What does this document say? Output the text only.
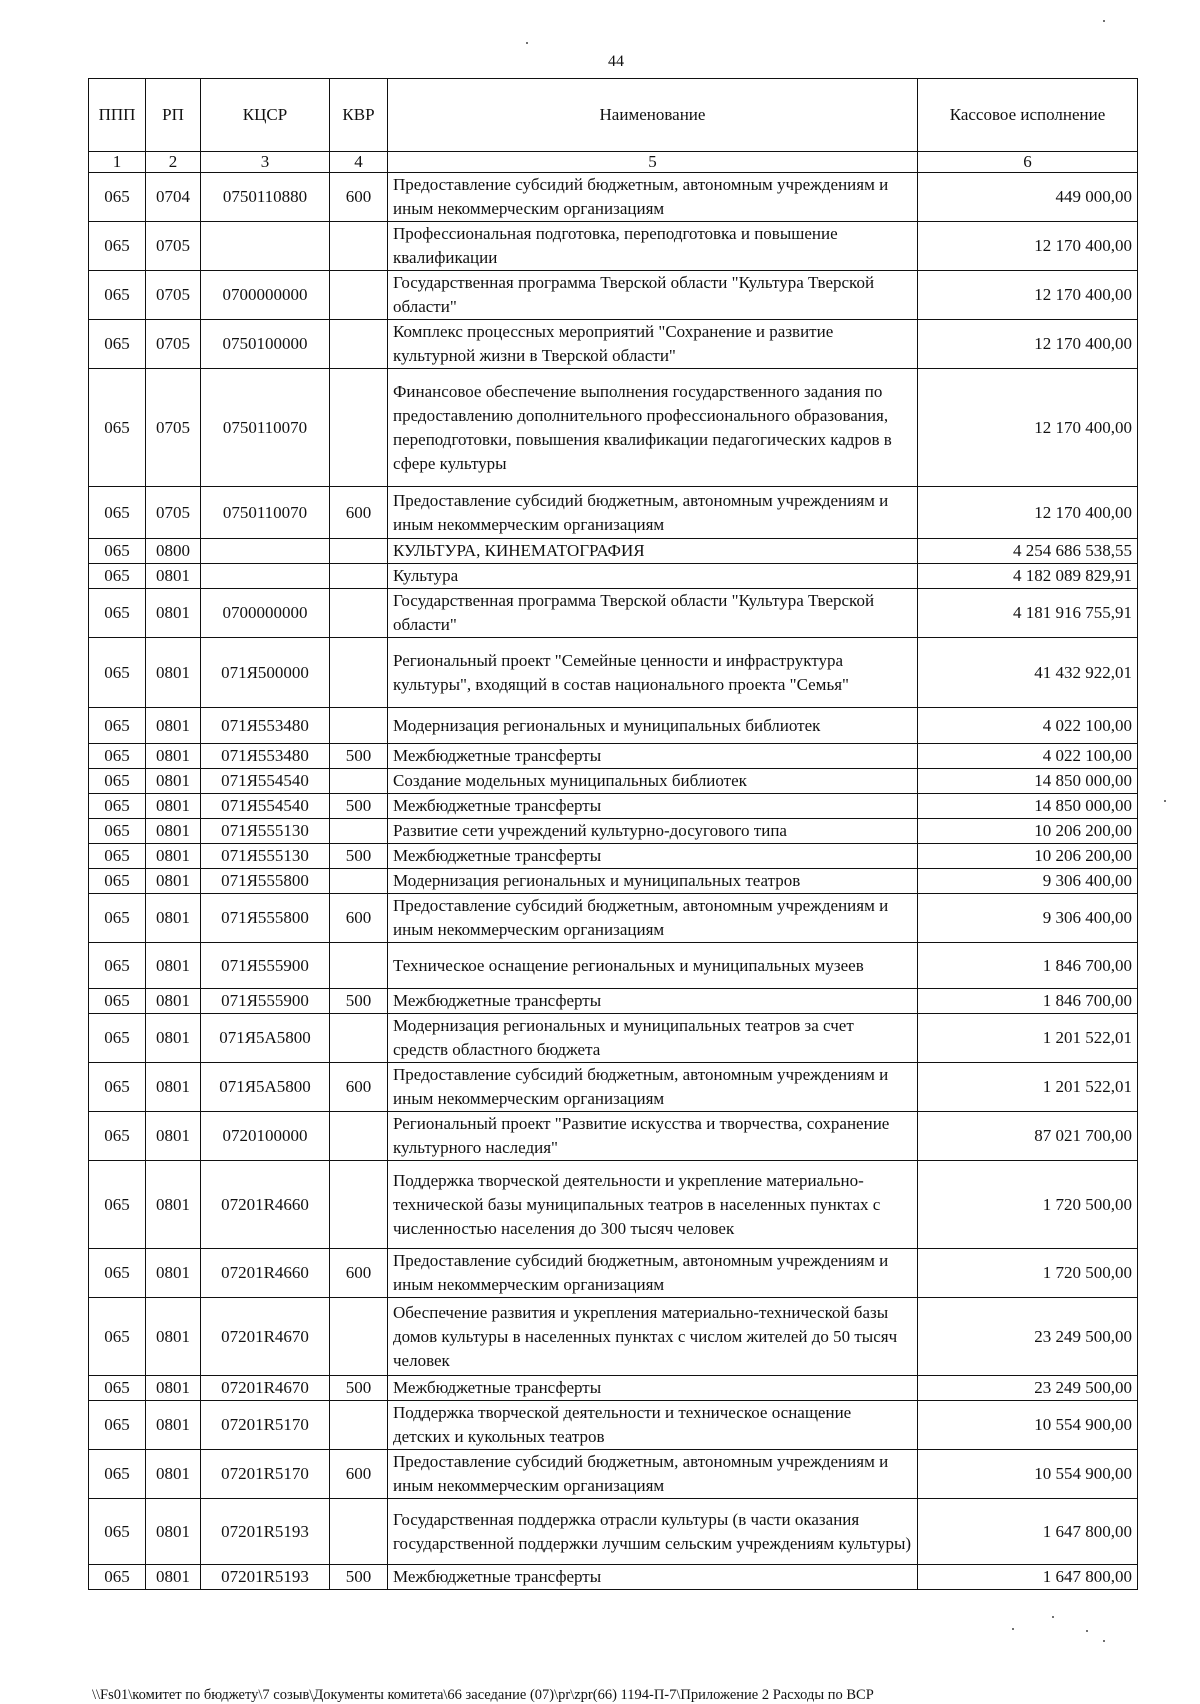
44
ППП	РП	КЦСР	КВР	Наименование	Кассовое исполнение
1	2	3	4	5	6
065	0704	0750110880	600	Предоставление субсидий бюджетным, автономным учреждениям и иным некоммерческим организациям	449 000,00
065	0705			Профессиональная подготовка, переподготовка и повышение квалификации	12 170 400,00
065	0705	0700000000		Государственная программа Тверской области "Культура Тверской области"	12 170 400,00
065	0705	0750100000		Комплекс процессных мероприятий "Сохранение и развитие культурной жизни в Тверской области"	12 170 400,00
065	0705	0750110070		Финансовое обеспечение выполнения государственного задания по предоставлению дополнительного профессионального образования, переподготовки, повышения квалификации педагогических кадров в сфере культуры	12 170 400,00
065	0705	0750110070	600	Предоставление субсидий бюджетным, автономным учреждениям и иным некоммерческим организациям	12 170 400,00
065	0800			КУЛЬТУРА, КИНЕМАТОГРАФИЯ	4 254 686 538,55
065	0801			Культура	4 182 089 829,91
065	0801	0700000000		Государственная программа Тверской области "Культура Тверской области"	4 181 916 755,91
065	0801	071Я500000		Региональный проект "Семейные ценности и инфраструктура культуры", входящий в состав национального проекта "Семья"	41 432 922,01
065	0801	071Я553480		Модернизация региональных и муниципальных библиотек	4 022 100,00
065	0801	071Я553480	500	Межбюджетные трансферты	4 022 100,00
065	0801	071Я554540		Создание модельных муниципальных библиотек	14 850 000,00
065	0801	071Я554540	500	Межбюджетные трансферты	14 850 000,00
065	0801	071Я555130		Развитие сети учреждений культурно-досугового типа	10 206 200,00
065	0801	071Я555130	500	Межбюджетные трансферты	10 206 200,00
065	0801	071Я555800		Модернизация региональных и муниципальных театров	9 306 400,00
065	0801	071Я555800	600	Предоставление субсидий бюджетным, автономным учреждениям и иным некоммерческим организациям	9 306 400,00
065	0801	071Я555900		Техническое оснащение региональных и муниципальных музеев	1 846 700,00
065	0801	071Я555900	500	Межбюджетные трансферты	1 846 700,00
065	0801	071Я5А5800		Модернизация региональных и муниципальных театров за счет средств областного бюджета	1 201 522,01
065	0801	071Я5А5800	600	Предоставление субсидий бюджетным, автономным учреждениям и иным некоммерческим организациям	1 201 522,01
065	0801	0720100000		Региональный проект "Развитие искусства и творчества, сохранение культурного наследия"	87 021 700,00
065	0801	07201R4660		Поддержка творческой деятельности и укрепление материально-технической базы муниципальных театров в населенных пунктах с численностью населения до 300 тысяч человек	1 720 500,00
065	0801	07201R4660	600	Предоставление субсидий бюджетным, автономным учреждениям и иным некоммерческим организациям	1 720 500,00
065	0801	07201R4670		Обеспечение развития и укрепления материально-технической базы домов культуры в населенных пунктах с числом жителей до 50 тысяч человек	23 249 500,00
065	0801	07201R4670	500	Межбюджетные трансферты	23 249 500,00
065	0801	07201R5170		Поддержка творческой деятельности и техническое оснащение детских и кукольных театров	10 554 900,00
065	0801	07201R5170	600	Предоставление субсидий бюджетным, автономным учреждениям и иным некоммерческим организациям	10 554 900,00
065	0801	07201R5193		Государственная поддержка отрасли культуры (в части оказания государственной поддержки лучшим сельским учреждениям культуры)	1 647 800,00
065	0801	07201R5193	500	Межбюджетные трансферты	1 647 800,00
\\Fs01\комитет по бюджету\7 созыв\Документы комитета\66 заседание (07)\pr\zpr(66) 1194-П-7\Приложение 2 Расходы по ВСР
